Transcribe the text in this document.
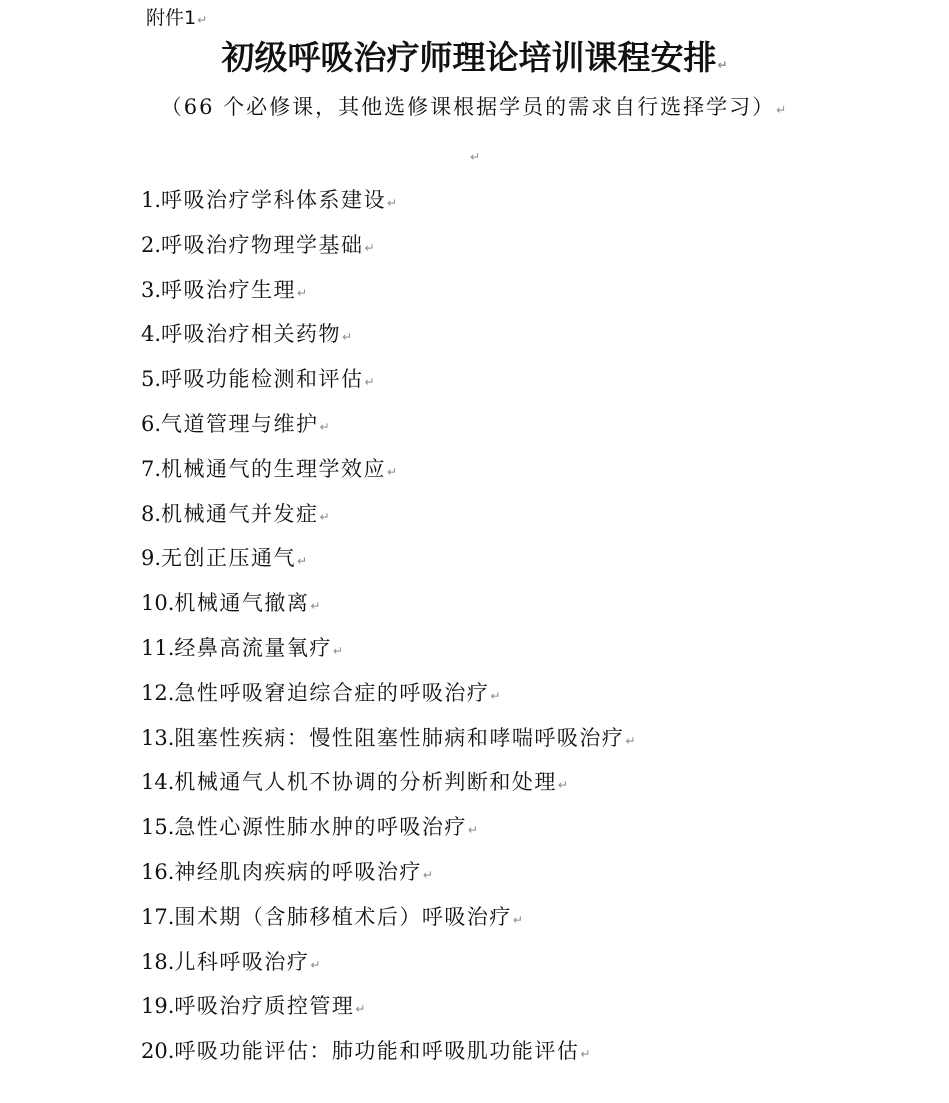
附件1↵
初级呼吸治疗师理论培训课程安排↵
（66 个必修课，其他选修课根据学员的需求自行选择学习）↵
↵
1.呼吸治疗学科体系建设↵
2.呼吸治疗物理学基础↵
3.呼吸治疗生理↵
4.呼吸治疗相关药物↵
5.呼吸功能检测和评估↵
6.气道管理与维护↵
7.机械通气的生理学效应↵
8.机械通气并发症↵
9.无创正压通气↵
10.机械通气撤离↵
11.经鼻高流量氧疗↵
12.急性呼吸窘迫综合症的呼吸治疗↵
13.阻塞性疾病：慢性阻塞性肺病和哮喘呼吸治疗↵
14.机械通气人机不协调的分析判断和处理↵
15.急性心源性肺水肿的呼吸治疗↵
16.神经肌肉疾病的呼吸治疗↵
17.围术期（含肺移植术后）呼吸治疗↵
18.儿科呼吸治疗↵
19.呼吸治疗质控管理↵
20.呼吸功能评估：肺功能和呼吸肌功能评估↵
